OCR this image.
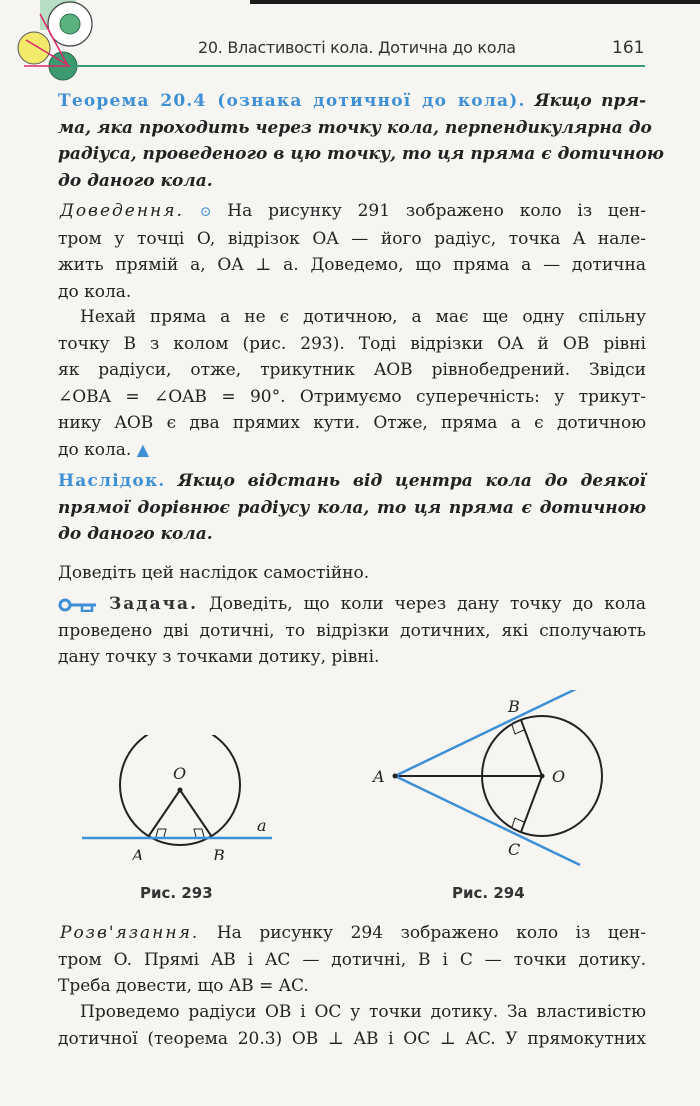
20. Властивості кола. Дотична до кола	161
Теорема 20.4 (ознака дотичної до кола). Якщо пря-
ма, яка проходить через точку кола, перпендикулярна до
радіуса, проведеного в цю точку, то ця пряма є дотичною
до даного кола.
Доведення. ⊙ На рисунку 291 зображено коло із цен-
тром у точці O, відрізок OA — його радіус, точка A нале-
жить прямій a, OA ⊥ a. Доведемо, що пряма a — дотична
до кола.
Нехай пряма a не є дотичною, а має ще одну спільну
точку B з колом (рис. 293). Тоді відрізки OA й OB рівні
як радіуси, отже, трикутник AOB рівнобедрений. Звідси
∠OBA = ∠OAB = 90°. Отримуємо суперечність: у трикут-
нику AOB є два прямих кути. Отже, пряма a є дотичною
до кола. ▲
Наслідок. Якщо відстань від центра кола до деякої
прямої дорівнює радіусу кола, то ця пряма є дотичною
до даного кола.
Доведіть цей наслідок самостійно.
Задача. Доведіть, що коли через дану точку до кола
проведено дві дотичні, то відрізки дотичних, які сполучають
дану точку з точками дотику, рівні.
O
A	B
a
Рис. 293
A
B
C
O
Рис. 294
Розв'язання. На рисунку 294 зображено коло із цен-
тром O. Прямі AB і AC — дотичні, B і C — точки дотику.
Треба довести, що AB = AC.
Проведемо радіуси OB і OC у точки дотику. За властивістю
дотичної (теорема 20.3) OB ⊥ AB і OC ⊥ AC. У прямокутних
